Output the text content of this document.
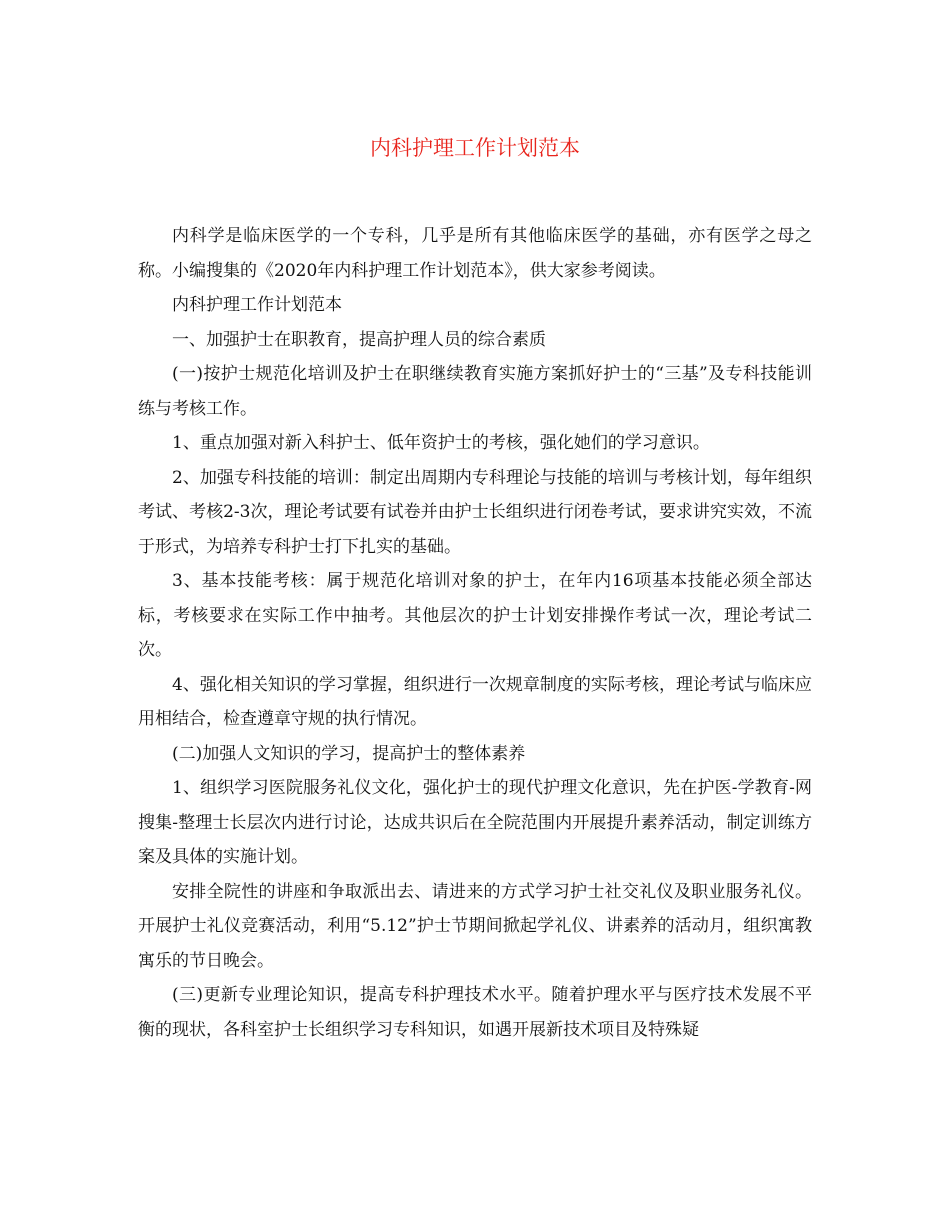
内科护理工作计划范本

内科学是临床医学的一个专科，几乎是所有其他临床医学的基础，亦有医学之母之称。小编搜集的《2020年内科护理工作计划范本》，供大家参考阅读。

内科护理工作计划范本

一、加强护士在职教育，提高护理人员的综合素质

(一)按护士规范化培训及护士在职继续教育实施方案抓好护士的“三基”及专科技能训练与考核工作。

1、重点加强对新入科护士、低年资护士的考核，强化她们的学习意识。

2、加强专科技能的培训：制定出周期内专科理论与技能的培训与考核计划，每年组织考试、考核2-3次，理论考试要有试卷并由护士长组织进行闭卷考试，要求讲究实效，不流于形式，为培养专科护士打下扎实的基础。

3、基本技能考核：属于规范化培训对象的护士，在年内16项基本技能必须全部达标，考核要求在实际工作中抽考。其他层次的护士计划安排操作考试一次，理论考试二次。

4、强化相关知识的学习掌握，组织进行一次规章制度的实际考核，理论考试与临床应用相结合，检查遵章守规的执行情况。

(二)加强人文知识的学习，提高护士的整体素养

1、组织学习医院服务礼仪文化，强化护士的现代护理文化意识，先在护医-学教育-网搜集-整理士长层次内进行讨论，达成共识后在全院范围内开展提升素养活动，制定训练方案及具体的实施计划。

安排全院性的讲座和争取派出去、请进来的方式学习护士社交礼仪及职业服务礼仪。开展护士礼仪竞赛活动，利用“5.12”护士节期间掀起学礼仪、讲素养的活动月，组织寓教寓乐的节日晚会。

(三)更新专业理论知识，提高专科护理技术水平。随着护理水平与医疗技术发展不平衡的现状，各科室护士长组织学习专科知识，如遇开展新技术项目及特殊疑
